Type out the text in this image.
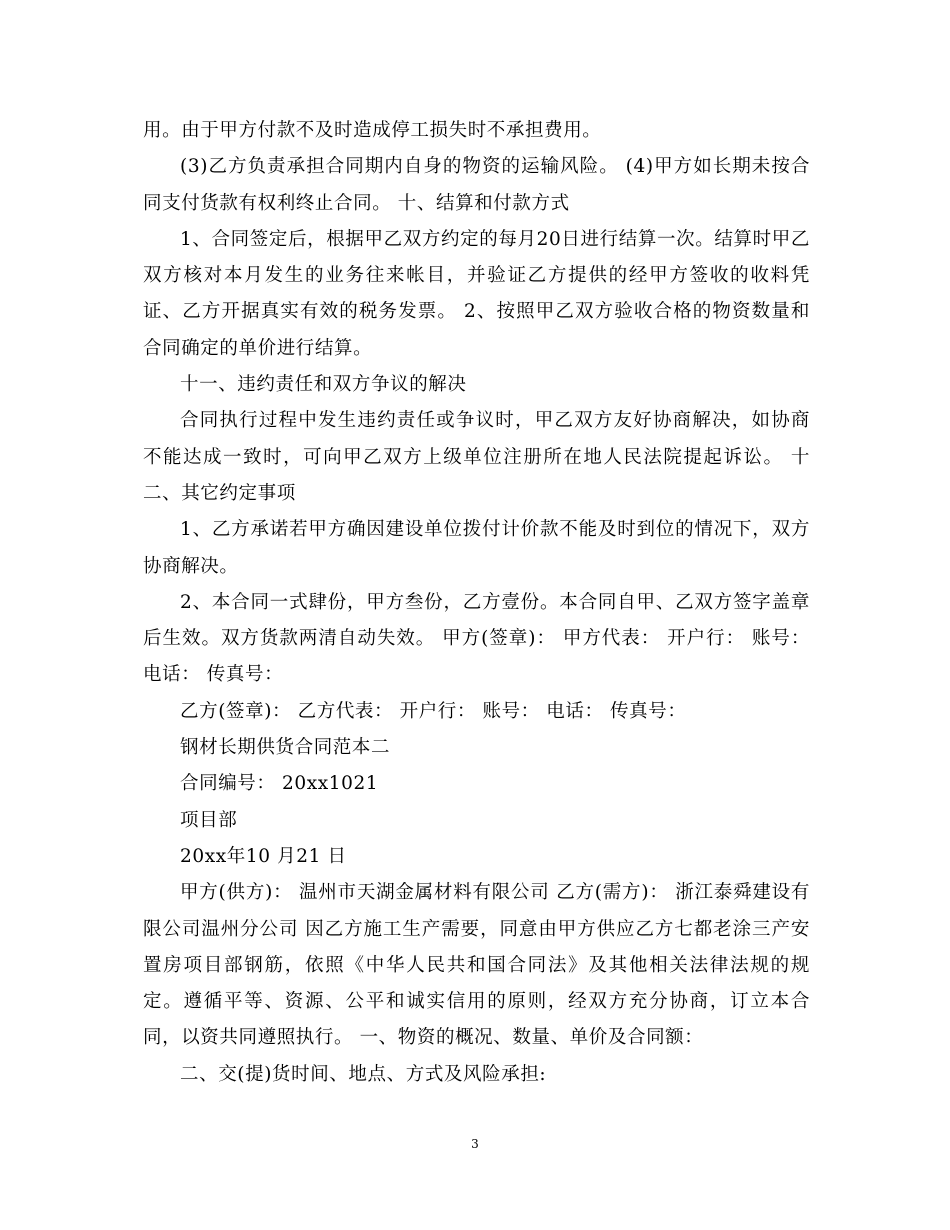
用。由于甲方付款不及时造成停工损失时不承担费用。

(3)乙方负责承担合同期内自身的物资的运输风险。 (4)甲方如长期未按合同支付货款有权利终止合同。 十、结算和付款方式

1、合同签定后，根据甲乙双方约定的每月20日进行结算一次。结算时甲乙双方核对本月发生的业务往来帐目，并验证乙方提供的经甲方签收的收料凭证、乙方开据真实有效的税务发票。 2、按照甲乙双方验收合格的物资数量和合同确定的单价进行结算。

十一、违约责任和双方争议的解决

合同执行过程中发生违约责任或争议时，甲乙双方友好协商解决，如协商不能达成一致时，可向甲乙双方上级单位注册所在地人民法院提起诉讼。 十二、其它约定事项

1、乙方承诺若甲方确因建设单位拨付计价款不能及时到位的情况下，双方协商解决。

2、本合同一式肆份，甲方叁份，乙方壹份。本合同自甲、乙双方签字盖章后生效。双方货款两清自动失效。 甲方(签章)： 甲方代表： 开户行： 账号： 电话： 传真号：

乙方(签章)： 乙方代表： 开户行： 账号： 电话： 传真号：

钢材长期供货合同范本二

合同编号： 20xx1021

项目部

20xx年10 月21 日

甲方(供方)： 温州市天湖金属材料有限公司 乙方(需方)： 浙江泰舜建设有限公司温州分公司 因乙方施工生产需要，同意由甲方供应乙方七都老涂三产安置房项目部钢筋，依照《中华人民共和国合同法》及其他相关法律法规的规定。遵循平等、资源、公平和诚实信用的原则，经双方充分协商，订立本合同，以资共同遵照执行。 一、物资的概况、数量、单价及合同额：

二、交(提)货时间、地点、方式及风险承担:

3
